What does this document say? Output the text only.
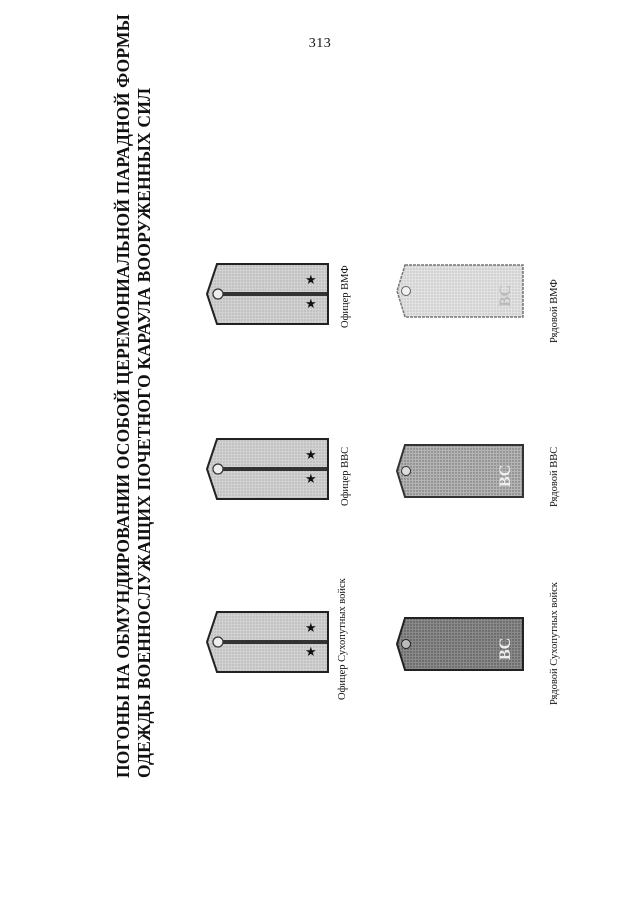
313
ПОГОНЫ НА ОБМУНДИРОВАНИИ ОСОБОЙ ЦЕРЕМОНИАЛЬНОЙ ПАРАДНОЙ ФОРМЫ ОДЕЖДЫ ВОЕННОСЛУЖАЩИХ ПОЧЕТНОГО КАРАУЛА ВООРУЖЕННЫХ СИЛ	★
★ Офицер Сухопутных войск
★
★ Офицер ВВС
★
★ Офицер ВМФ
ВС	Рядовой Сухопутных войск
ВС	Рядовой ВВС
ВС	Рядовой ВМФ
